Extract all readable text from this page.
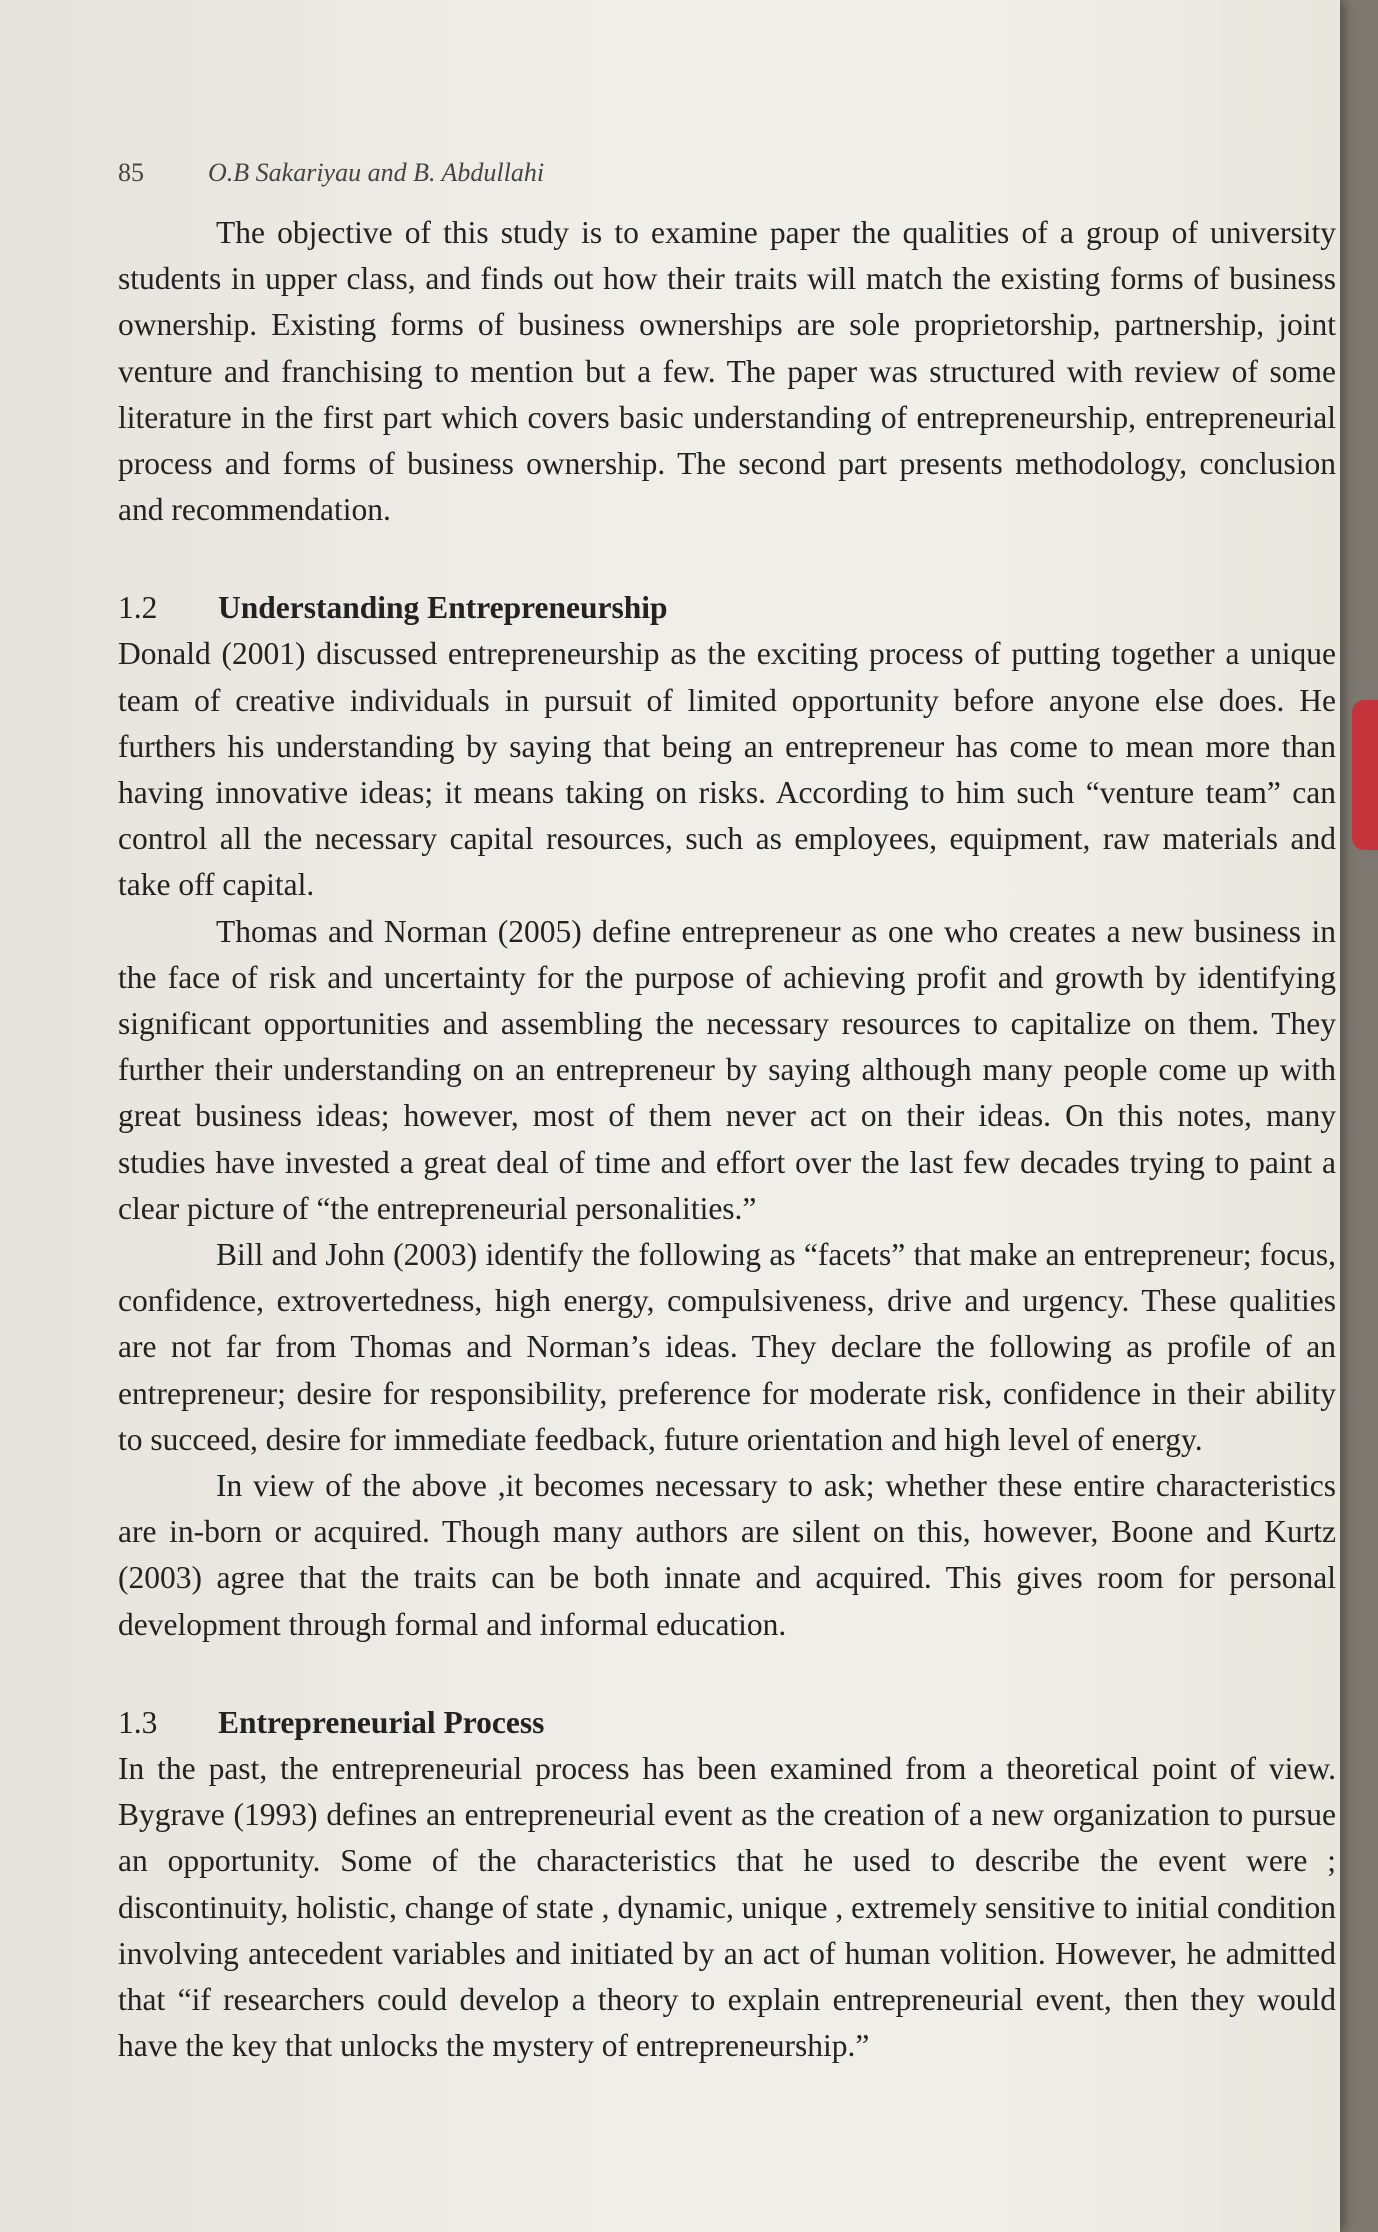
85 O.B Sakariyau and B. Abdullahi

The objective of this study is to examine paper the qualities of a group of university students in upper class, and finds out how their traits will match the existing forms of business ownership. Existing forms of business ownerships are sole proprietorship, partnership, joint venture and franchising to mention but a few. The paper was structured with review of some literature in the first part which covers basic understanding of entrepreneurship, entrepreneurial process and forms of business ownership. The second part presents methodology, conclusion and recommendation.

1.2 Understanding Entrepreneurship

Donald (2001) discussed entrepreneurship as the exciting process of putting together a unique team of creative individuals in pursuit of limited opportunity before anyone else does. He furthers his understanding by saying that being an entrepreneur has come to mean more than having innovative ideas; it means taking on risks. According to him such “venture team” can control all the necessary capital resources, such as employees, equipment, raw materials and take off capital.

Thomas and Norman (2005) define entrepreneur as one who creates a new business in the face of risk and uncertainty for the purpose of achieving profit and growth by identifying significant opportunities and assembling the necessary resources to capitalize on them. They further their understanding on an entrepreneur by saying although many people come up with great business ideas; however, most of them never act on their ideas. On this notes, many studies have invested a great deal of time and effort over the last few decades trying to paint a clear picture of “the entrepreneurial personalities.”

Bill and John (2003) identify the following as “facets” that make an entrepreneur; focus, confidence, extrovertedness, high energy, compulsiveness, drive and urgency. These qualities are not far from Thomas and Norman’s ideas. They declare the following as profile of an entrepreneur; desire for responsibility, preference for moderate risk, confidence in their ability to succeed, desire for immediate feedback, future orientation and high level of energy.

In view of the above ,it becomes necessary to ask; whether these entire characteristics are in-born or acquired. Though many authors are silent on this, however, Boone and Kurtz (2003) agree that the traits can be both innate and acquired. This gives room for personal development through formal and informal education.

1.3 Entrepreneurial Process

In the past, the entrepreneurial process has been examined from a theoretical point of view. Bygrave (1993) defines an entrepreneurial event as the creation of a new organization to pursue an opportunity. Some of the characteristics that he used to describe the event were ; discontinuity, holistic, change of state , dynamic, unique , extremely sensitive to initial condition involving antecedent variables and initiated by an act of human volition. However, he admitted that “if researchers could develop a theory to explain entrepreneurial event, then they would have the key that unlocks the mystery of entrepreneurship.”
